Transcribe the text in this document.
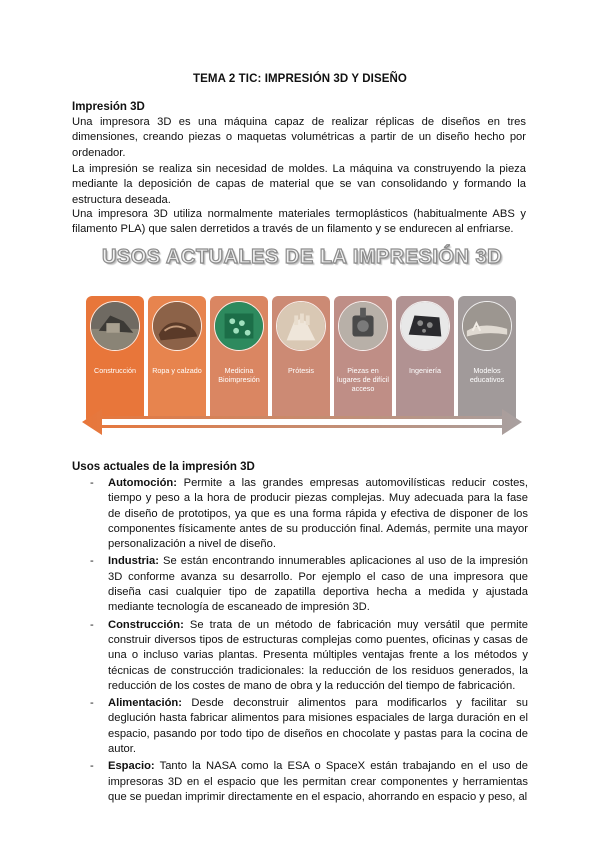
TEMA 2 TIC: IMPRESIÓN 3D Y DISEÑO
Impresión 3D

Una impresora 3D es una máquina capaz de realizar réplicas de diseños en tres dimensiones, creando piezas o maquetas volumétricas a partir de un diseño hecho por ordenador.

La impresión se realiza sin necesidad de moldes. La máquina va construyendo la pieza mediante la deposición de capas de material que se van consolidando y formando la estructura deseada.

Una impresora 3D utiliza normalmente materiales termoplásticos (habitualmente ABS y filamento PLA) que salen derretidos a través de un filamento y se endurecen al enfriarse.

USOS ACTUALES DE LA IMPRESIÓN 3D
Construcción	Ropa y calzado	Medicina Bioimpresión
Prótesis	Piezas en lugares de difícil acceso
Ingeniería	Modelos educativos
Usos actuales de la impresión 3D
- Automoción: Permite a las grandes empresas automovilísticas reducir costes, tiempo y peso a la hora de producir piezas complejas. Muy adecuada para la fase de diseño de prototipos, ya que es una forma rápida y efectiva de disponer de los componentes físicamente antes de su producción final. Además, permite una mayor personalización a nivel de diseño.
- Industria: Se están encontrando innumerables aplicaciones al uso de la impresión 3D conforme avanza su desarrollo. Por ejemplo el caso de una impresora que diseña casi cualquier tipo de zapatilla deportiva hecha a medida y ajustada mediante tecnología de escaneado de impresión 3D.
- Construcción: Se trata de un método de fabricación muy versátil que permite construir diversos tipos de estructuras complejas como puentes, oficinas y casas de una o incluso varias plantas. Presenta múltiples ventajas frente a los métodos y técnicas de construcción tradicionales: la reducción de los residuos generados, la reducción de los costes de mano de obra y la reducción del tiempo de fabricación.
- Alimentación: Desde deconstruir alimentos para modificarlos y facilitar su deglución hasta fabricar alimentos para misiones espaciales de larga duración en el espacio, pasando por todo tipo de diseños en chocolate y pastas para la cocina de autor.
- Espacio: Tanto la NASA como la ESA o SpaceX están trabajando en el uso de impresoras 3D en el espacio que les permitan crear componentes y herramientas que se puedan imprimir directamente en el espacio, ahorrando en espacio y peso, al
